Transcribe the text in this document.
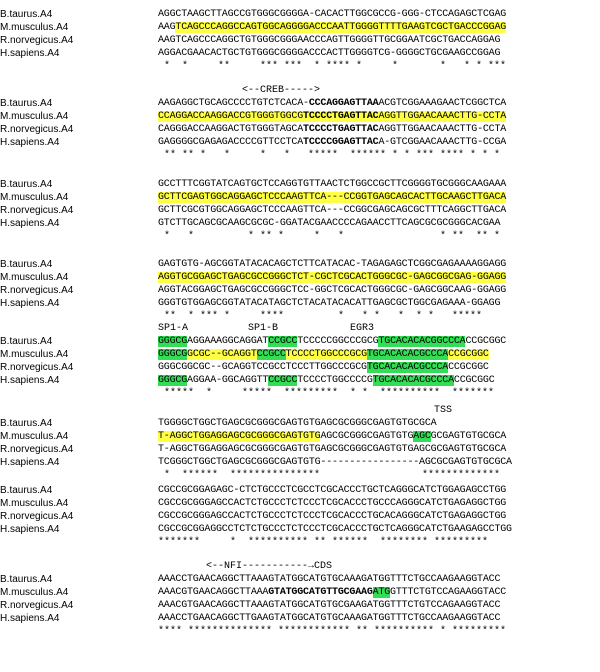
B.taurus.A4	AGGCTAAGCTTAGCCGTGGGCGGGGA-CACACTTGGCGCCG-GGG-CTCCAGAGCTCGAG
M.musculus.A4	AAGTCAGCCCAGGCCAGTGGCAGGGGACCCAATTGGGGTTTTGAAGTCGCTGACCCGGAG
R.norvegicus.A4	AAGTCAGCCCAGGCTGTGGGCGGGAACCCAGTTGGGGTTGCGGAATCGCTGACCAGGAG
H.sapiens.A4	AGGACGAACACTGCTGTGGGCGGGGACCCACTTGGGGTCG-GGGGCTGCGAAGCCGGAG
*  *     **     *** ***  * **** *     *       *   * * ***
<--CREB----->
B.taurus.A4	AAGAGGCTGCAGCCCCTGTCTCACA-CCCAGGAGTTAAACGTCGGAAAGAACTCGGCTCA
M.musculus.A4	CCAGGACCAAGGACCGTGGGTGGCGTCCCCTGAGTTACAGGTTGGAACAAACTTG-CCTA
R.norvegicus.A4	CAGGGACCAAGGACTGTGGGTAGCATCCCCTGAGTTACAGGTTGGAACAAACTTG-CCTA
H.sapiens.A4	GAGGGGCGAGAGACCCCGTTCCTCATCCCCGGAGTTACA-GTCGGAACAAACTTG-CCGA
** ** *   *     *   *   *****  ****** * * *** **** * * *
B.taurus.A4	GCCTTTCGGTATCAGTGCTCCAGGTGTTAACTCTGGCCGCTTCGGGGTGCGGGCAAGAAA
M.musculus.A4	GCTTCGAGTGGCAGGAGCTCCCAAGTTCA---CCGGTGAGCAGCACTTGCAAGCTTGACA
R.norvegicus.A4	GCTTCGCGTGGCAGGAGCTCCCAAGTTCA---CCGGCGAGCAGCGCTTTCAGGCTTGACA
H.sapiens.A4	GTCTTGCAGCGCAAGCGCGC-GGATACGAACCCCAGAACCTTCAGCGCGCGGGCACGAA
*   *         * ** *     *   *                * **  ** *
B.taurus.A4	GAGTGTG-AGCGGTATACACAGCTCTTCATACAC-TAGAGAGCTCGGCGAGAAAAGGAGG
M.musculus.A4	AGGTGCGGAGCTGAGCGCCGGGCTCT-CGCTCGCACTGGGCGC-GAGCGGCGAG-GGAGG
R.norvegicus.A4	AGGTACGGAGCTGAGCGCCGGGCTCC-GGCTCGCACTGGGCGC-GAGCGGCAAG-GGAGG
H.sapiens.A4	GGGTGTGGAGCGGTATACATAGCTCTACATACACATTGAGCGCTGGCGAGAAA-GGAGG
**  * *** *     ****         *   * *   *  * *   *****
SP1-A          SP1-B            EGR3
B.taurus.A4	GGGCGAGGAAAGGCAGGATCCGCCTCCCCCGGCCCGCGTGCACACACGGCCCACCGCGGC
M.musculus.A4	GGGCGGCGC--GCAGGTCCGCCTCCCCTGGCCCGCGTGCACACACGCCCACCGCGGC
R.norvegicus.A4	GGGCGGCGC--GCAGGTCCGCCTCCCTTGGCCCGCGTGCACACACGCCCACCGCGGC
H.sapiens.A4	GGGCGAGGAA-GGCAGGTTCCGCCTCCCCTGGCCCCGTGCACACACGCCCACCGCGGC
*****  *     *****  *********  * *  **********  *******
TSS
B.taurus.A4	TGGGGCTGGCTGAGCGCGGGCGAGTGTGAGCGCGGGCGAGTGTGCGCA
M.musculus.A4	T-AGGCTGGAGGAGCGCGGGCGAGTGTGAGCGCGGGCGAGTGTGAGCGCGAGTGTGCGCA
R.norvegicus.A4	T-AGGCTGGAGGAGCGCGGGCGAGTGTGAGCGCGGGCGAGTGTGAGCGCGAGTGTGCGCA
H.sapiens.A4	TCGGGCTGGCTGAGCGCGGGCGAGTGTG-----------------AGCGCGAGTGTGCGCA
*  ******  ***************                 *************
B.taurus.A4	CGCCGCGGAGAGC-CTCTGCCCTCGCCTCGCACCCTGCTCAGGGCATCTGGAGAGCCTGG
M.musculus.A4	CGCCGCGGGAGCCACTCTGCCCTCTCCCTCGCACCCTGCCCAGGGCATCTGAGAGGCTGG
R.norvegicus.A4	CGCCGCGGGAGCCACTCTGCCCTCTCCCTCGCACCCTGCACAGGGCATCTGAGAGGCTGG
H.sapiens.A4	CGCCGCGGAGGCCTCTCTGCCCTCTCCCTCGCACCCTGCTCAGGGCATCTGAAGAGCCTGG
*******     *  ********** ** ******  ******** *********
<--NFI-----------→CDS
B.taurus.A4	AAACCTGAACAGGCTTAAAGTATGGCATGTGCAAAGATGGTTTCTGCCAAGAAGGTACC
M.musculus.A4	AAACGTGAACAGGCTTAAAGTATGGCATGTTGCGAAGATGGTTTCTGTCCAGAAGGTACC
R.norvegicus.A4	AAACGTGAACAGGCTTAAAGTATGGCATGTGCGAAGATGGTTTCTGTCCAGAAGGTACC
H.sapiens.A4	AAACCTGAACAGGCTTGAAGTATGGCATGTGCAAAGATGGTTTCTGCCAAGAAGGTACC
**** ************** ************ ** ********** * *********
